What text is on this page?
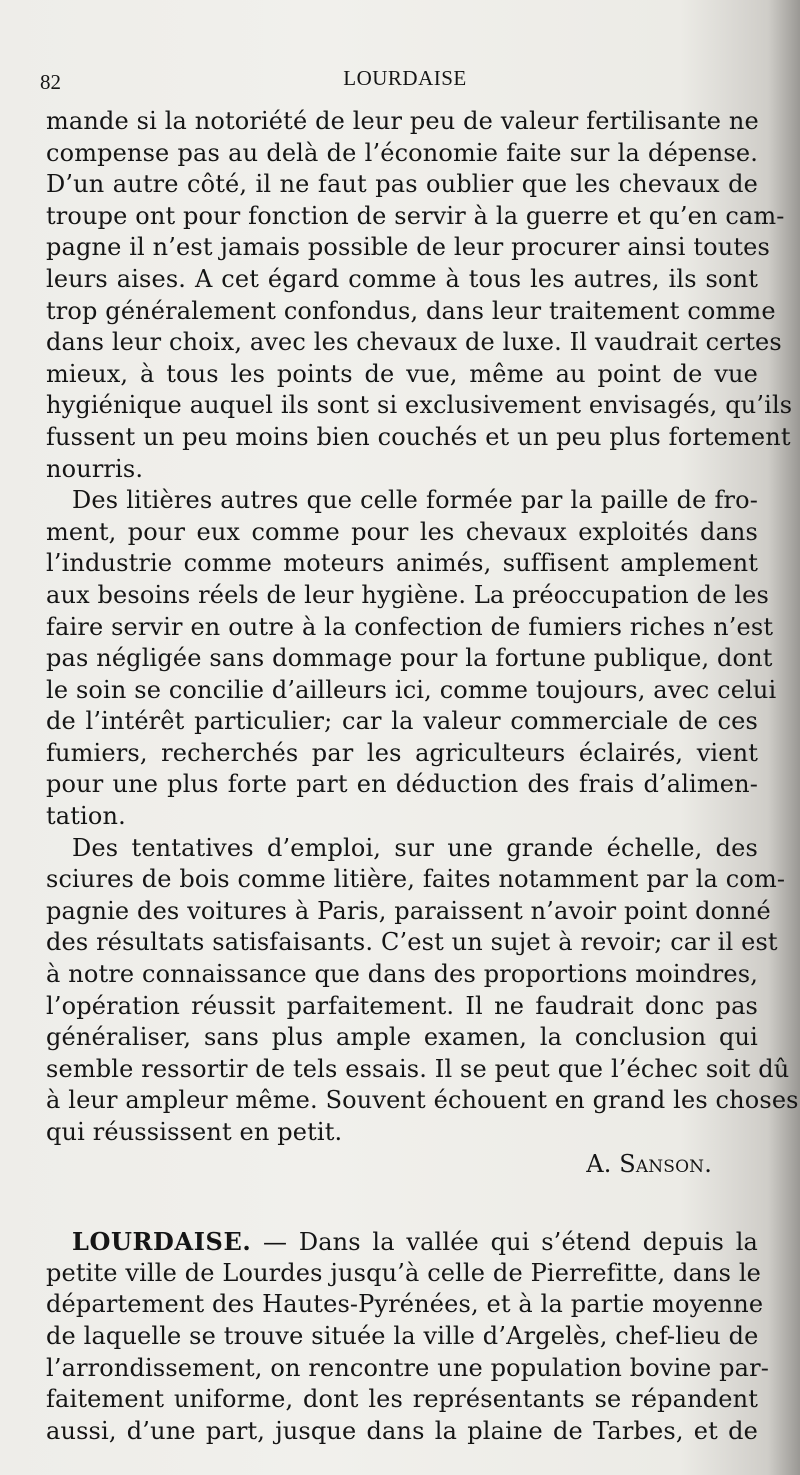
82	LOURDAISE

mande si la notoriété de leur peu de valeur fertilisante ne
compense pas au delà de l’économie faite sur la dépense.
D’un autre côté, il ne faut pas oublier que les chevaux de
troupe ont pour fonction de servir à la guerre et qu’en cam-
pagne il n’est jamais possible de leur procurer ainsi toutes
leurs aises. A cet égard comme à tous les autres, ils sont
trop généralement confondus, dans leur traitement comme
dans leur choix, avec les chevaux de luxe. Il vaudrait certes
mieux, à tous les points de vue, même au point de vue
hygiénique auquel ils sont si exclusivement envisagés, qu’ils
fussent un peu moins bien couchés et un peu plus fortement
nourris.

Des litières autres que celle formée par la paille de fro-
ment, pour eux comme pour les chevaux exploités dans
l’industrie comme moteurs animés, suffisent amplement
aux besoins réels de leur hygiène. La préoccupation de les
faire servir en outre à la confection de fumiers riches n’est
pas négligée sans dommage pour la fortune publique, dont
le soin se concilie d’ailleurs ici, comme toujours, avec celui
de l’intérêt particulier; car la valeur commerciale de ces
fumiers, recherchés par les agriculteurs éclairés, vient
pour une plus forte part en déduction des frais d’alimen-
tation.

Des tentatives d’emploi, sur une grande échelle, des
sciures de bois comme litière, faites notamment par la com-
pagnie des voitures à Paris, paraissent n’avoir point donné
des résultats satisfaisants. C’est un sujet à revoir; car il est
à notre connaissance que dans des proportions moindres,
l’opération réussit parfaitement. Il ne faudrait donc pas
généraliser, sans plus ample examen, la conclusion qui
semble ressortir de tels essais. Il se peut que l’échec soit dû
à leur ampleur même. Souvent échouent en grand les choses
qui réussissent en petit.

A. Sanson.

LOURDAISE. — Dans la vallée qui s’étend depuis la
petite ville de Lourdes jusqu’à celle de Pierrefitte, dans le
département des Hautes-Pyrénées, et à la partie moyenne
de laquelle se trouve située la ville d’Argelès, chef-lieu de
l’arrondissement, on rencontre une population bovine par-
faitement uniforme, dont les représentants se répandent
aussi, d’une part, jusque dans la plaine de Tarbes, et de
